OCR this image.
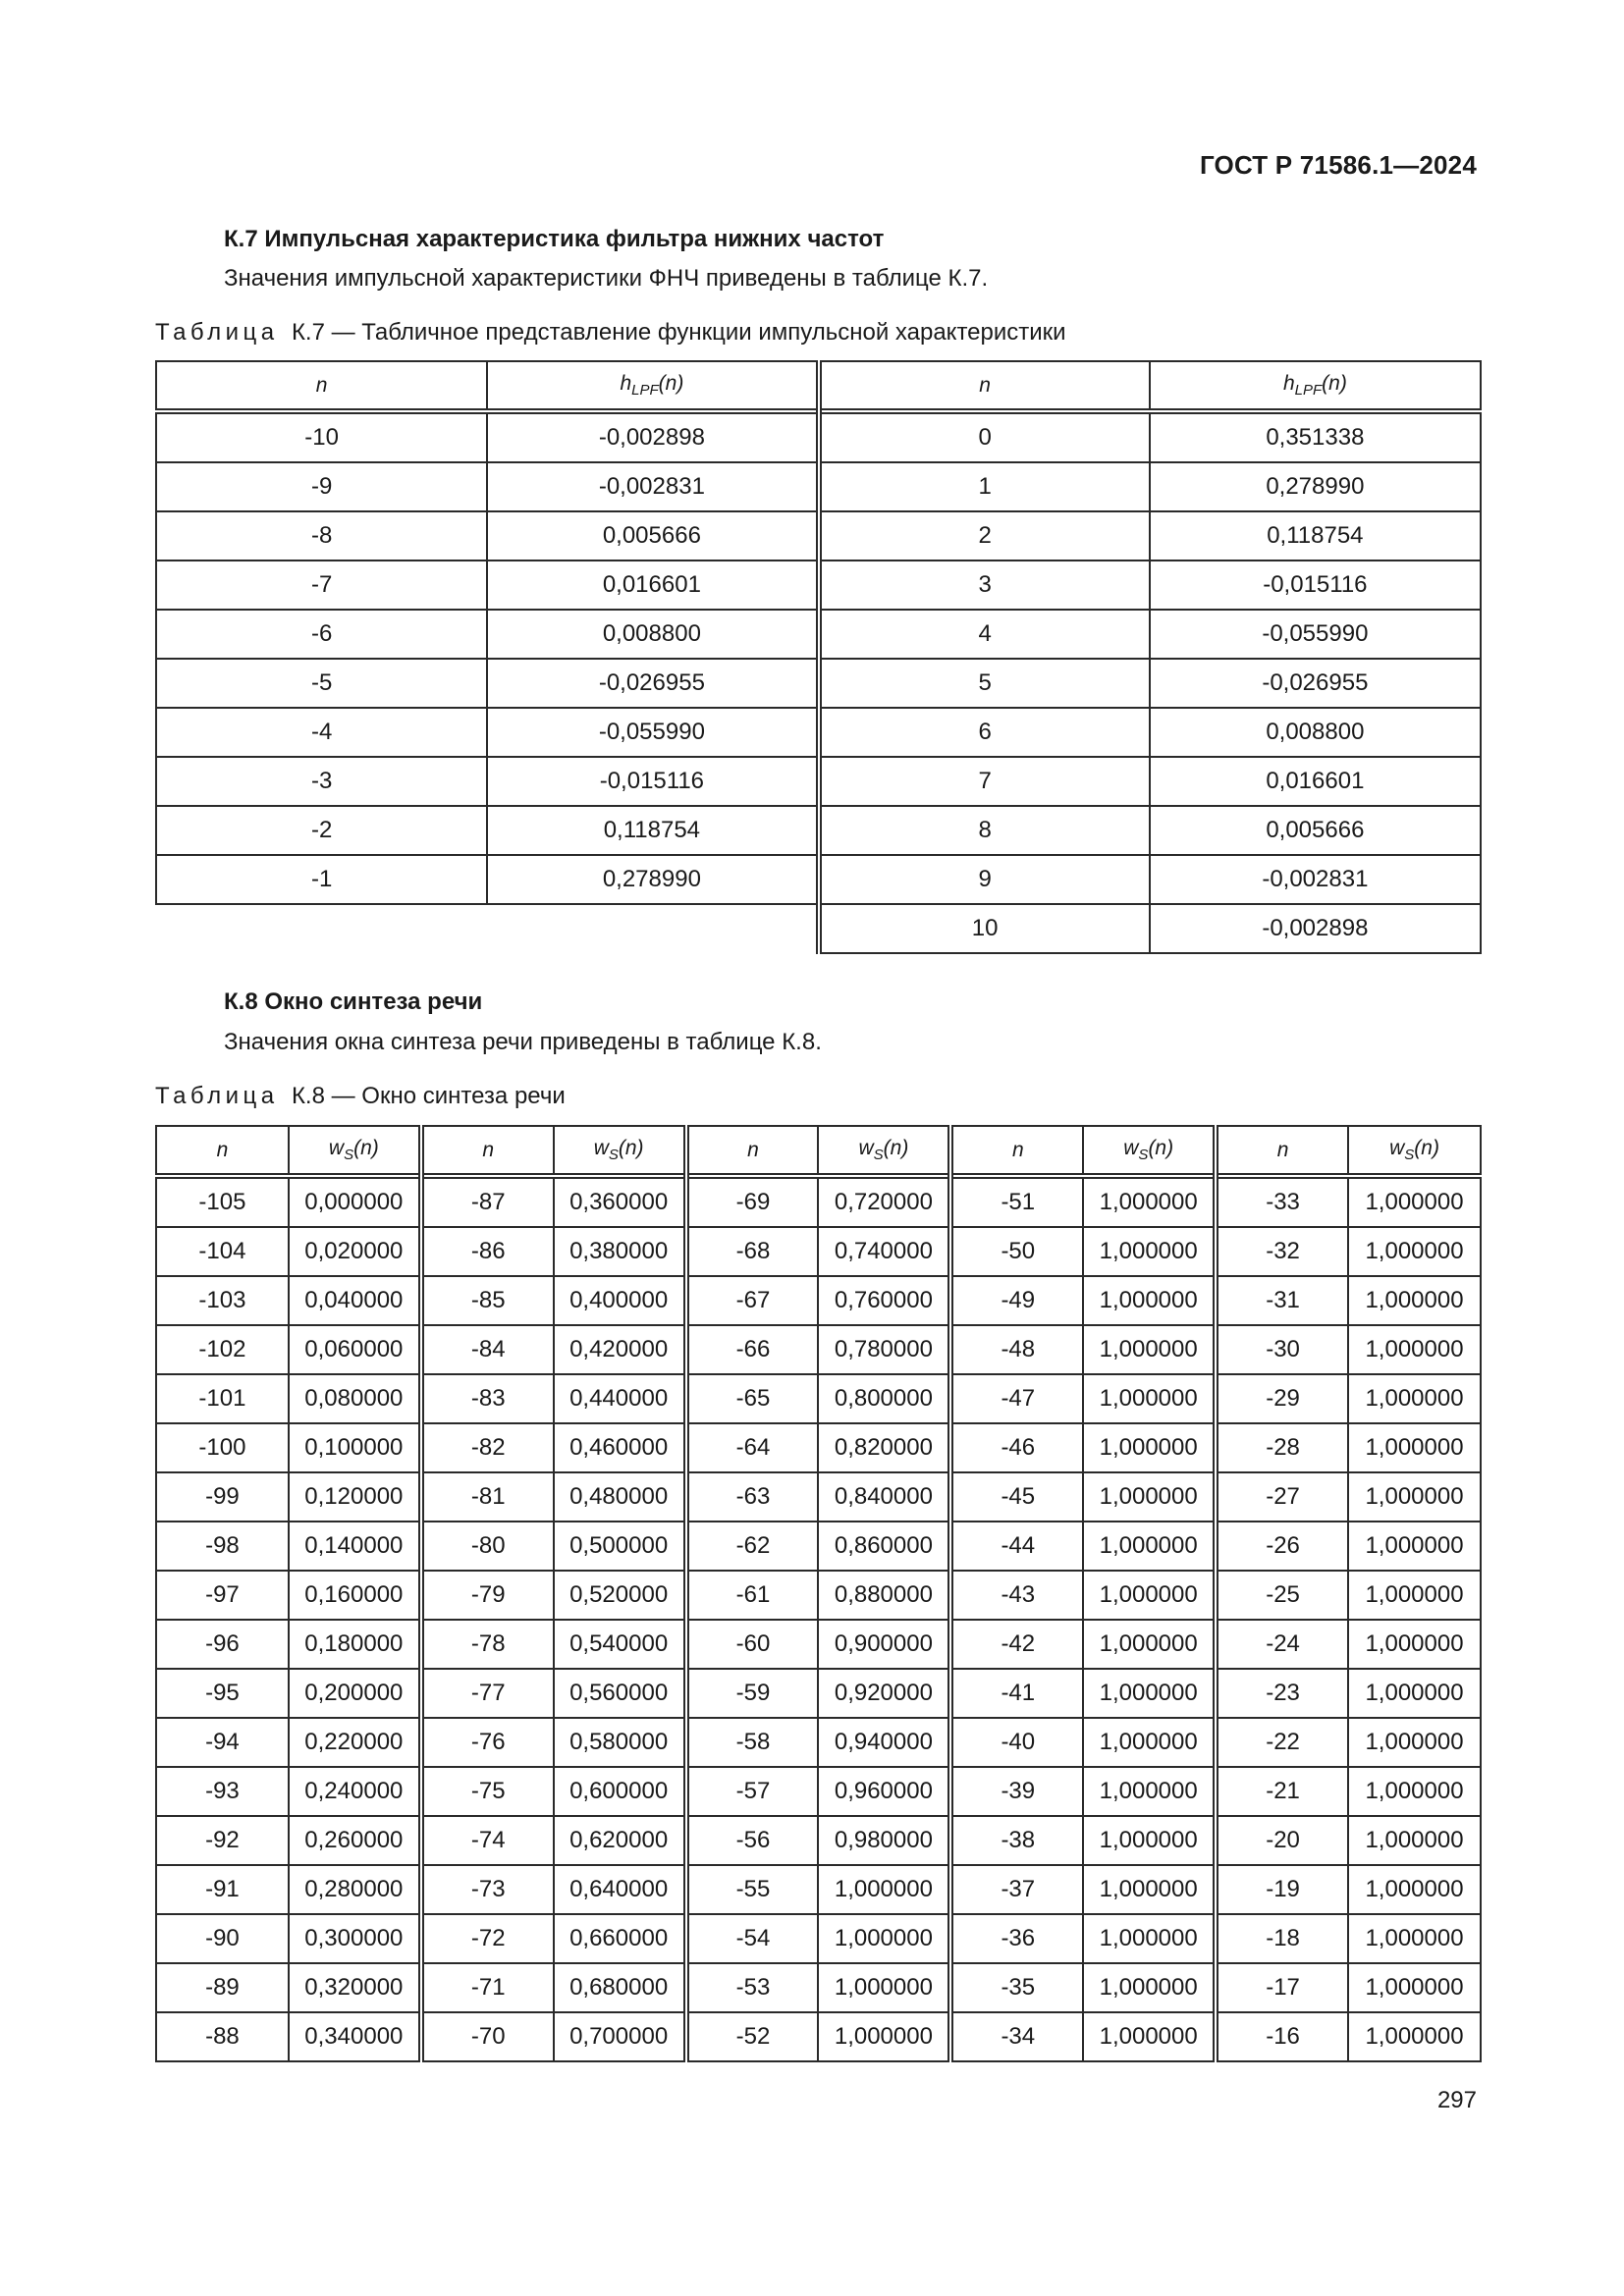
ГОСТ Р 71586.1—2024
К.7 Импульсная характеристика фильтра нижних частот
Значения импульсной характеристики ФНЧ приведены в таблице К.7.
Таблица К.7 — Табличное представление функции импульсной характеристики
n	$h_{LPF}(n)$	n	$h_{LPF}(n)$
-10	-0,002898	0	0,351338
-9	-0,002831	1	0,278990
-8	0,005666	2	0,118754
-7	0,016601	3	-0,015116
-6	0,008800	4	-0,055990
-5	-0,026955	5	-0,026955
-4	-0,055990	6	0,008800
-3	-0,015116	7	0,016601
-2	0,118754	8	0,005666
-1	0,278990	9	-0,002831
		10	-0,002898
К.8 Окно синтеза речи
Значения окна синтеза речи приведены в таблице К.8.
Таблица К.8 — Окно синтеза речи
n	$w_S(n)$	n	$w_S(n)$	n	$w_S(n)$	n	$w_S(n)$	n	$w_S(n)$
-105	0,000000	-87	0,360000	-69	0,720000	-51	1,000000	-33	1,000000
-104	0,020000	-86	0,380000	-68	0,740000	-50	1,000000	-32	1,000000
-103	0,040000	-85	0,400000	-67	0,760000	-49	1,000000	-31	1,000000
-102	0,060000	-84	0,420000	-66	0,780000	-48	1,000000	-30	1,000000
-101	0,080000	-83	0,440000	-65	0,800000	-47	1,000000	-29	1,000000
-100	0,100000	-82	0,460000	-64	0,820000	-46	1,000000	-28	1,000000
-99	0,120000	-81	0,480000	-63	0,840000	-45	1,000000	-27	1,000000
-98	0,140000	-80	0,500000	-62	0,860000	-44	1,000000	-26	1,000000
-97	0,160000	-79	0,520000	-61	0,880000	-43	1,000000	-25	1,000000
-96	0,180000	-78	0,540000	-60	0,900000	-42	1,000000	-24	1,000000
-95	0,200000	-77	0,560000	-59	0,920000	-41	1,000000	-23	1,000000
-94	0,220000	-76	0,580000	-58	0,940000	-40	1,000000	-22	1,000000
-93	0,240000	-75	0,600000	-57	0,960000	-39	1,000000	-21	1,000000
-92	0,260000	-74	0,620000	-56	0,980000	-38	1,000000	-20	1,000000
-91	0,280000	-73	0,640000	-55	1,000000	-37	1,000000	-19	1,000000
-90	0,300000	-72	0,660000	-54	1,000000	-36	1,000000	-18	1,000000
-89	0,320000	-71	0,680000	-53	1,000000	-35	1,000000	-17	1,000000
-88	0,340000	-70	0,700000	-52	1,000000	-34	1,000000	-16	1,000000
297
